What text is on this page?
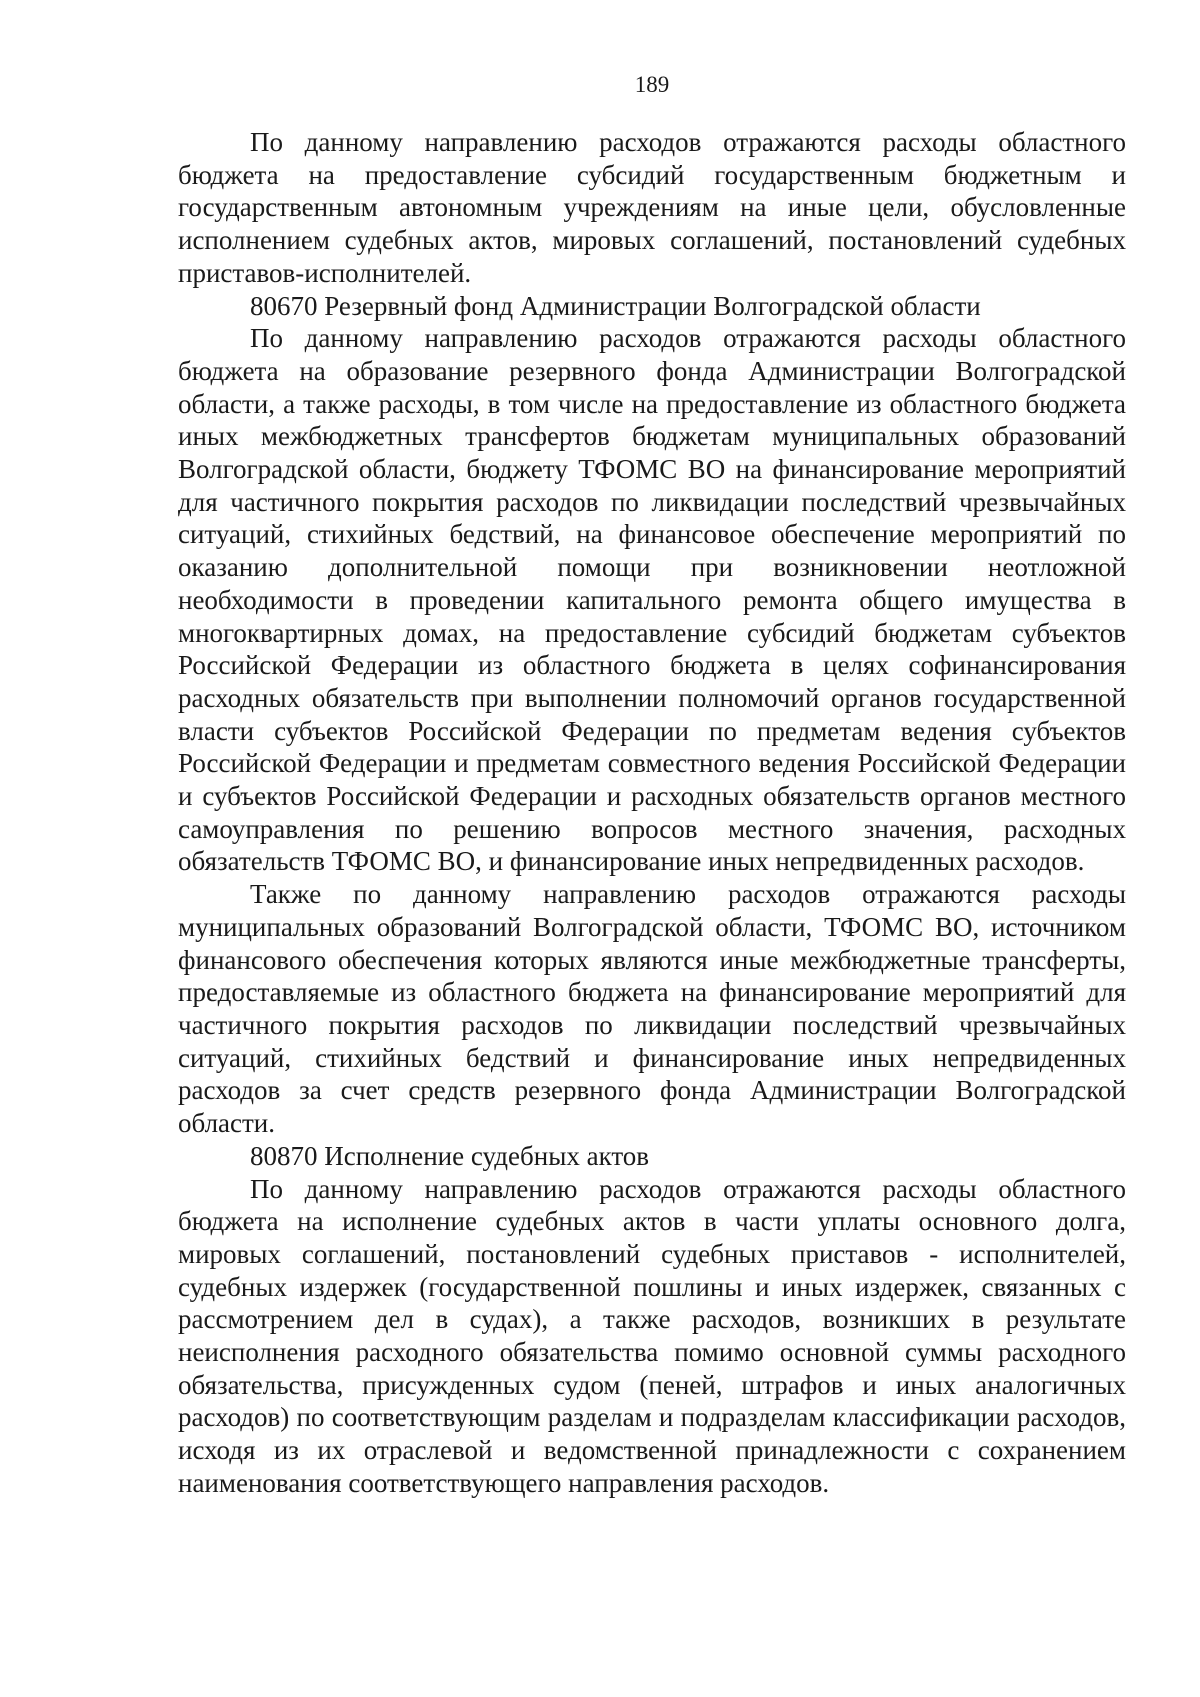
189

По данному направлению расходов отражаются расходы областного бюджета на предоставление субсидий государственным бюджетным и государственным автономным учреждениям на иные цели, обусловленные исполнением судебных актов, мировых соглашений, постановлений судебных приставов-исполнителей.

80670 Резервный фонд Администрации Волгоградской области

По данному направлению расходов отражаются расходы областного бюджета на образование резервного фонда Администрации Волгоградской области, а также расходы, в том числе на предоставление из областного бюджета иных межбюджетных трансфертов бюджетам муниципальных образований Волгоградской области, бюджету ТФОМС ВО на финансирование мероприятий для частичного покрытия расходов по ликвидации последствий чрезвычайных ситуаций, стихийных бедствий, на финансовое обеспечение мероприятий по оказанию дополнительной помощи при возникновении неотложной необходимости в проведении капитального ремонта общего имущества в многоквартирных домах, на предоставление субсидий бюджетам субъектов Российской Федерации из областного бюджета в целях софинансирования расходных обязательств при выполнении полномочий органов государственной власти субъектов Российской Федерации по предметам ведения субъектов Российской Федерации и предметам совместного ведения Российской Федерации и субъектов Российской Федерации и расходных обязательств органов местного самоуправления по решению вопросов местного значения, расходных обязательств ТФОМС ВО, и финансирование иных непредвиденных расходов.

Также по данному направлению расходов отражаются расходы муниципальных образований Волгоградской области, ТФОМС ВО, источником финансового обеспечения которых являются иные межбюджетные трансферты, предоставляемые из областного бюджета на финансирование мероприятий для частичного покрытия расходов по ликвидации последствий чрезвычайных ситуаций, стихийных бедствий и финансирование иных непредвиденных расходов за счет средств резервного фонда Администрации Волгоградской области.

80870 Исполнение судебных актов

По данному направлению расходов отражаются расходы областного бюджета на исполнение судебных актов в части уплаты основного долга, мировых соглашений, постановлений судебных приставов - исполнителей, судебных издержек (государственной пошлины и иных издержек, связанных с рассмотрением дел в судах), а также расходов, возникших в результате неисполнения расходного обязательства помимо основной суммы расходного обязательства, присужденных судом (пеней, штрафов и иных аналогичных расходов) по соответствующим разделам и подразделам классификации расходов, исходя из их отраслевой и ведомственной принадлежности с сохранением наименования соответствующего направления расходов.
